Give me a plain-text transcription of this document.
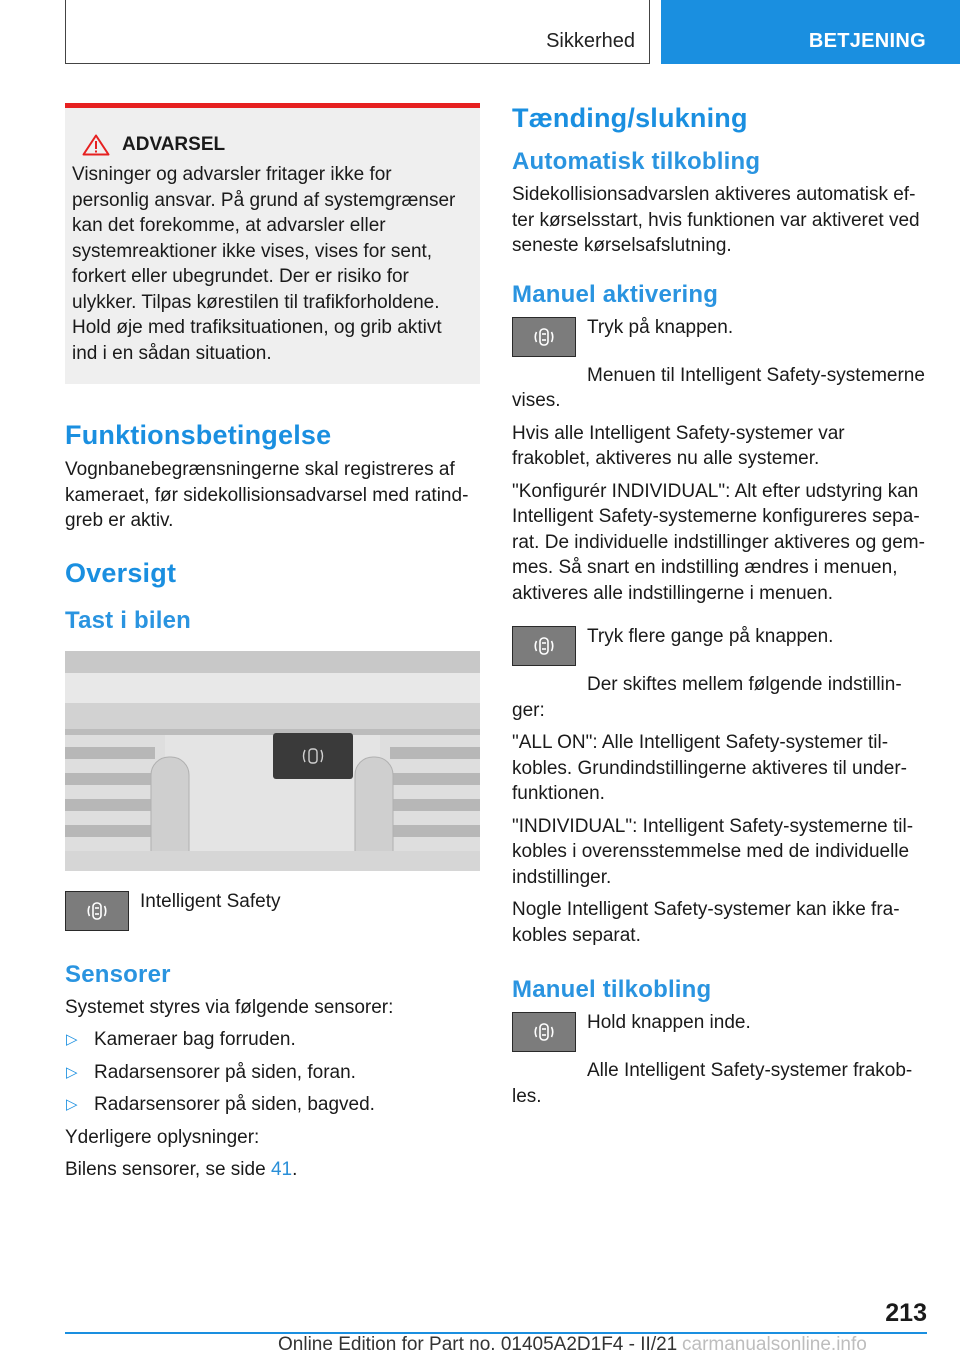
Sikkerhed	BETJENING
ADVARSEL

Visninger og advarsler fritager ikke for personlig ansvar. På grund af systemgrænser kan det forekomme, at advarsler eller systemreaktioner ikke vises, vises for sent, forkert eller ubegrundet. Der er risiko for ulykker. Tilpas kørestilen til trafikforholdene. Hold øje med trafiksituationen, og grib aktivt ind i en sådan situation.

Funktionsbetingelse

Vognbanebegrænsningerne skal registreres af kameraet, før sidekollisionsadvarsel med ratindgreb er aktiv.

Oversigt
Tast i bilen

Intelligent Safety

Sensorer

Systemet styres via følgende sensorer:

▷ Kameraer bag forruden.
▷ Radarsensorer på siden, foran.
▷ Radarsensorer på siden, bagved.

Yderligere oplysninger:

Bilens sensorer, se side 41.

Tænding/slukning
Automatisk tilkobling

Sidekollisionsadvarslen aktiveres automatisk efter kørselsstart, hvis funktionen var aktiveret ved seneste kørselsafslutning.

Manuel aktivering

Tryk på knappen.

Menuen til Intelligent Safety-systemerne vises.

Hvis alle Intelligent Safety-systemer var frakoblet, aktiveres nu alle systemer.

"Konfigurér INDIVIDUAL": Alt efter udstyring kan Intelligent Safety-systemerne konfigureres separat. De individuelle indstillinger aktiveres og gemmes. Så snart en indstilling ændres i menuen, aktiveres alle indstillingerne i menuen.

Tryk flere gange på knappen.

Der skiftes mellem følgende indstillinger:

"ALL ON": Alle Intelligent Safety-systemer tilkobles. Grundindstillingerne aktiveres til underfunktionen.

"INDIVIDUAL": Intelligent Safety-systemerne tilkobles i overensstemmelse med de individuelle indstillinger.

Nogle Intelligent Safety-systemer kan ikke frakobles separat.

Manuel tilkobling

Hold knappen inde.

Alle Intelligent Safety-systemer frakobles.

213
Online Edition for Part no. 01405A2D1F4 - II/21 carmanualsonline.info
